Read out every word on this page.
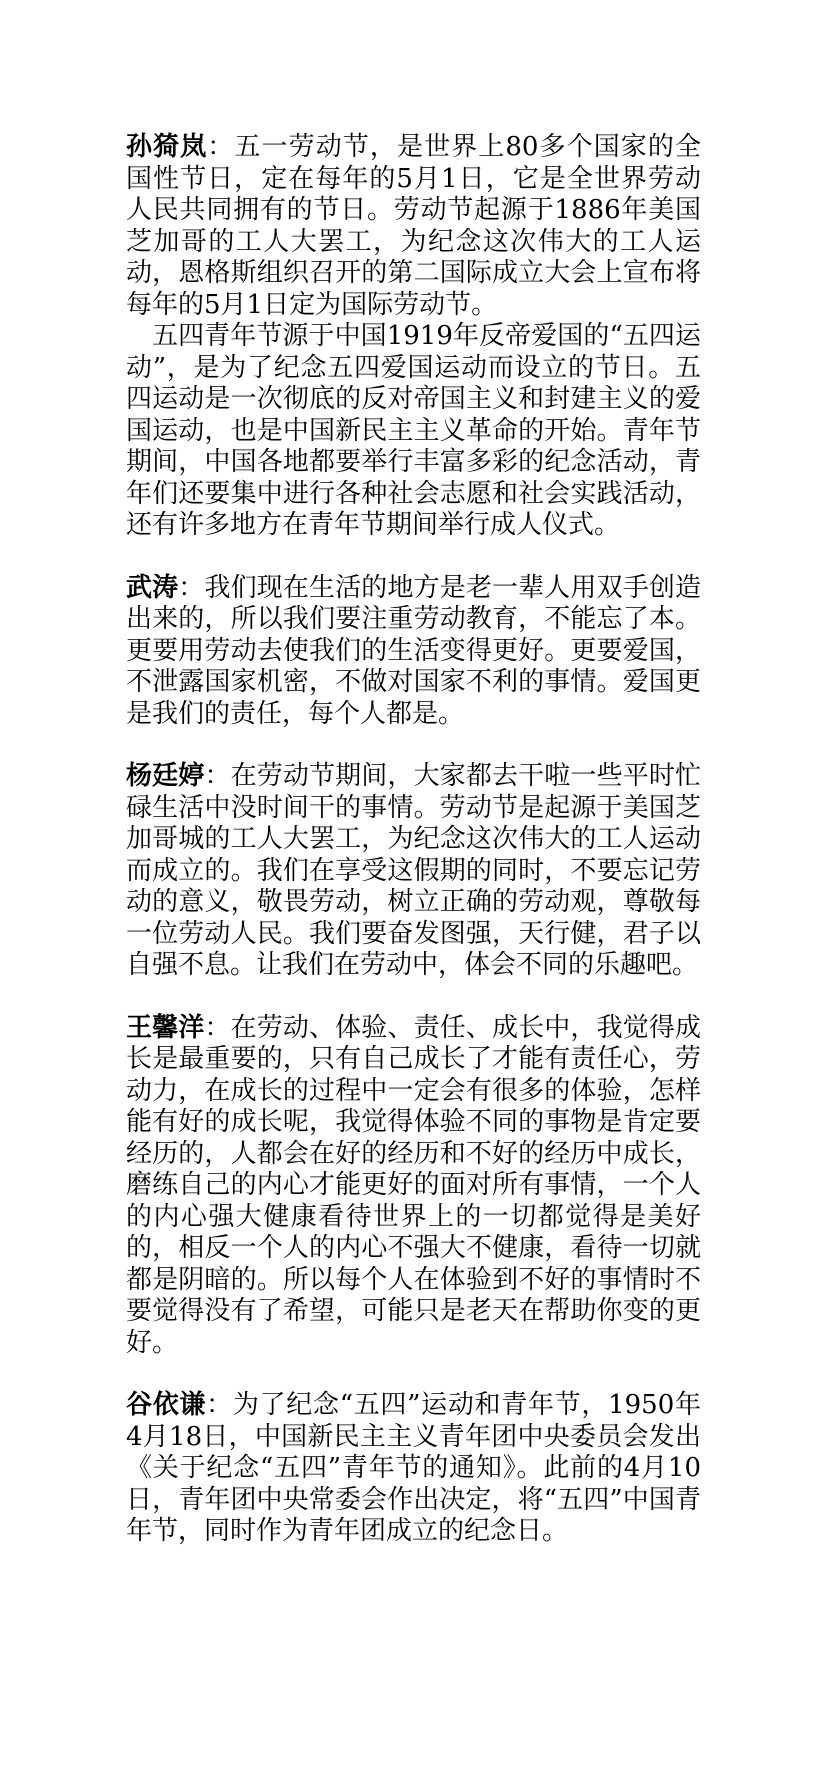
孙猗岚：五一劳动节，是世界上80多个国家的全国性节日，定在每年的5月1日，它是全世界劳动人民共同拥有的节日。劳动节起源于1886年美国芝加哥的工人大罢工，为纪念这次伟大的工人运动，恩格斯组织召开的第二国际成立大会上宣布将每年的5月1日定为国际劳动节。

五四青年节源于中国1919年反帝爱国的“五四运动”，是为了纪念五四爱国运动而设立的节日。五四运动是一次彻底的反对帝国主义和封建主义的爱国运动，也是中国新民主主义革命的开始。青年节期间，中国各地都要举行丰富多彩的纪念活动，青年们还要集中进行各种社会志愿和社会实践活动，还有许多地方在青年节期间举行成人仪式。

武涛：我们现在生活的地方是老一辈人用双手创造出来的，所以我们要注重劳动教育，不能忘了本。更要用劳动去使我们的生活变得更好。更要爱国，不泄露国家机密，不做对国家不利的事情。爱国更是我们的责任，每个人都是。

杨廷婷：在劳动节期间，大家都去干啦一些平时忙碌生活中没时间干的事情。劳动节是起源于美国芝加哥城的工人大罢工，为纪念这次伟大的工人运动而成立的。我们在享受这假期的同时，不要忘记劳动的意义，敬畏劳动，树立正确的劳动观，尊敬每一位劳动人民。我们要奋发图强，天行健，君子以自强不息。让我们在劳动中，体会不同的乐趣吧。

王馨洋：在劳动、体验、责任、成长中，我觉得成长是最重要的，只有自己成长了才能有责任心，劳动力，在成长的过程中一定会有很多的体验，怎样能有好的成长呢，我觉得体验不同的事物是肯定要经历的，人都会在好的经历和不好的经历中成长，磨练自己的内心才能更好的面对所有事情，一个人的内心强大健康看待世界上的一切都觉得是美好的，相反一个人的内心不强大不健康，看待一切就都是阴暗的。所以每个人在体验到不好的事情时不要觉得没有了希望，可能只是老天在帮助你变的更好。

谷依谦：为了纪念“五四”运动和青年节，1950年4月18日，中国新民主主义青年团中央委员会发出《关于纪念“五四”青年节的通知》。此前的4月10日，青年团中央常委会作出决定，将“五四”中国青年节，同时作为青年团成立的纪念日。
